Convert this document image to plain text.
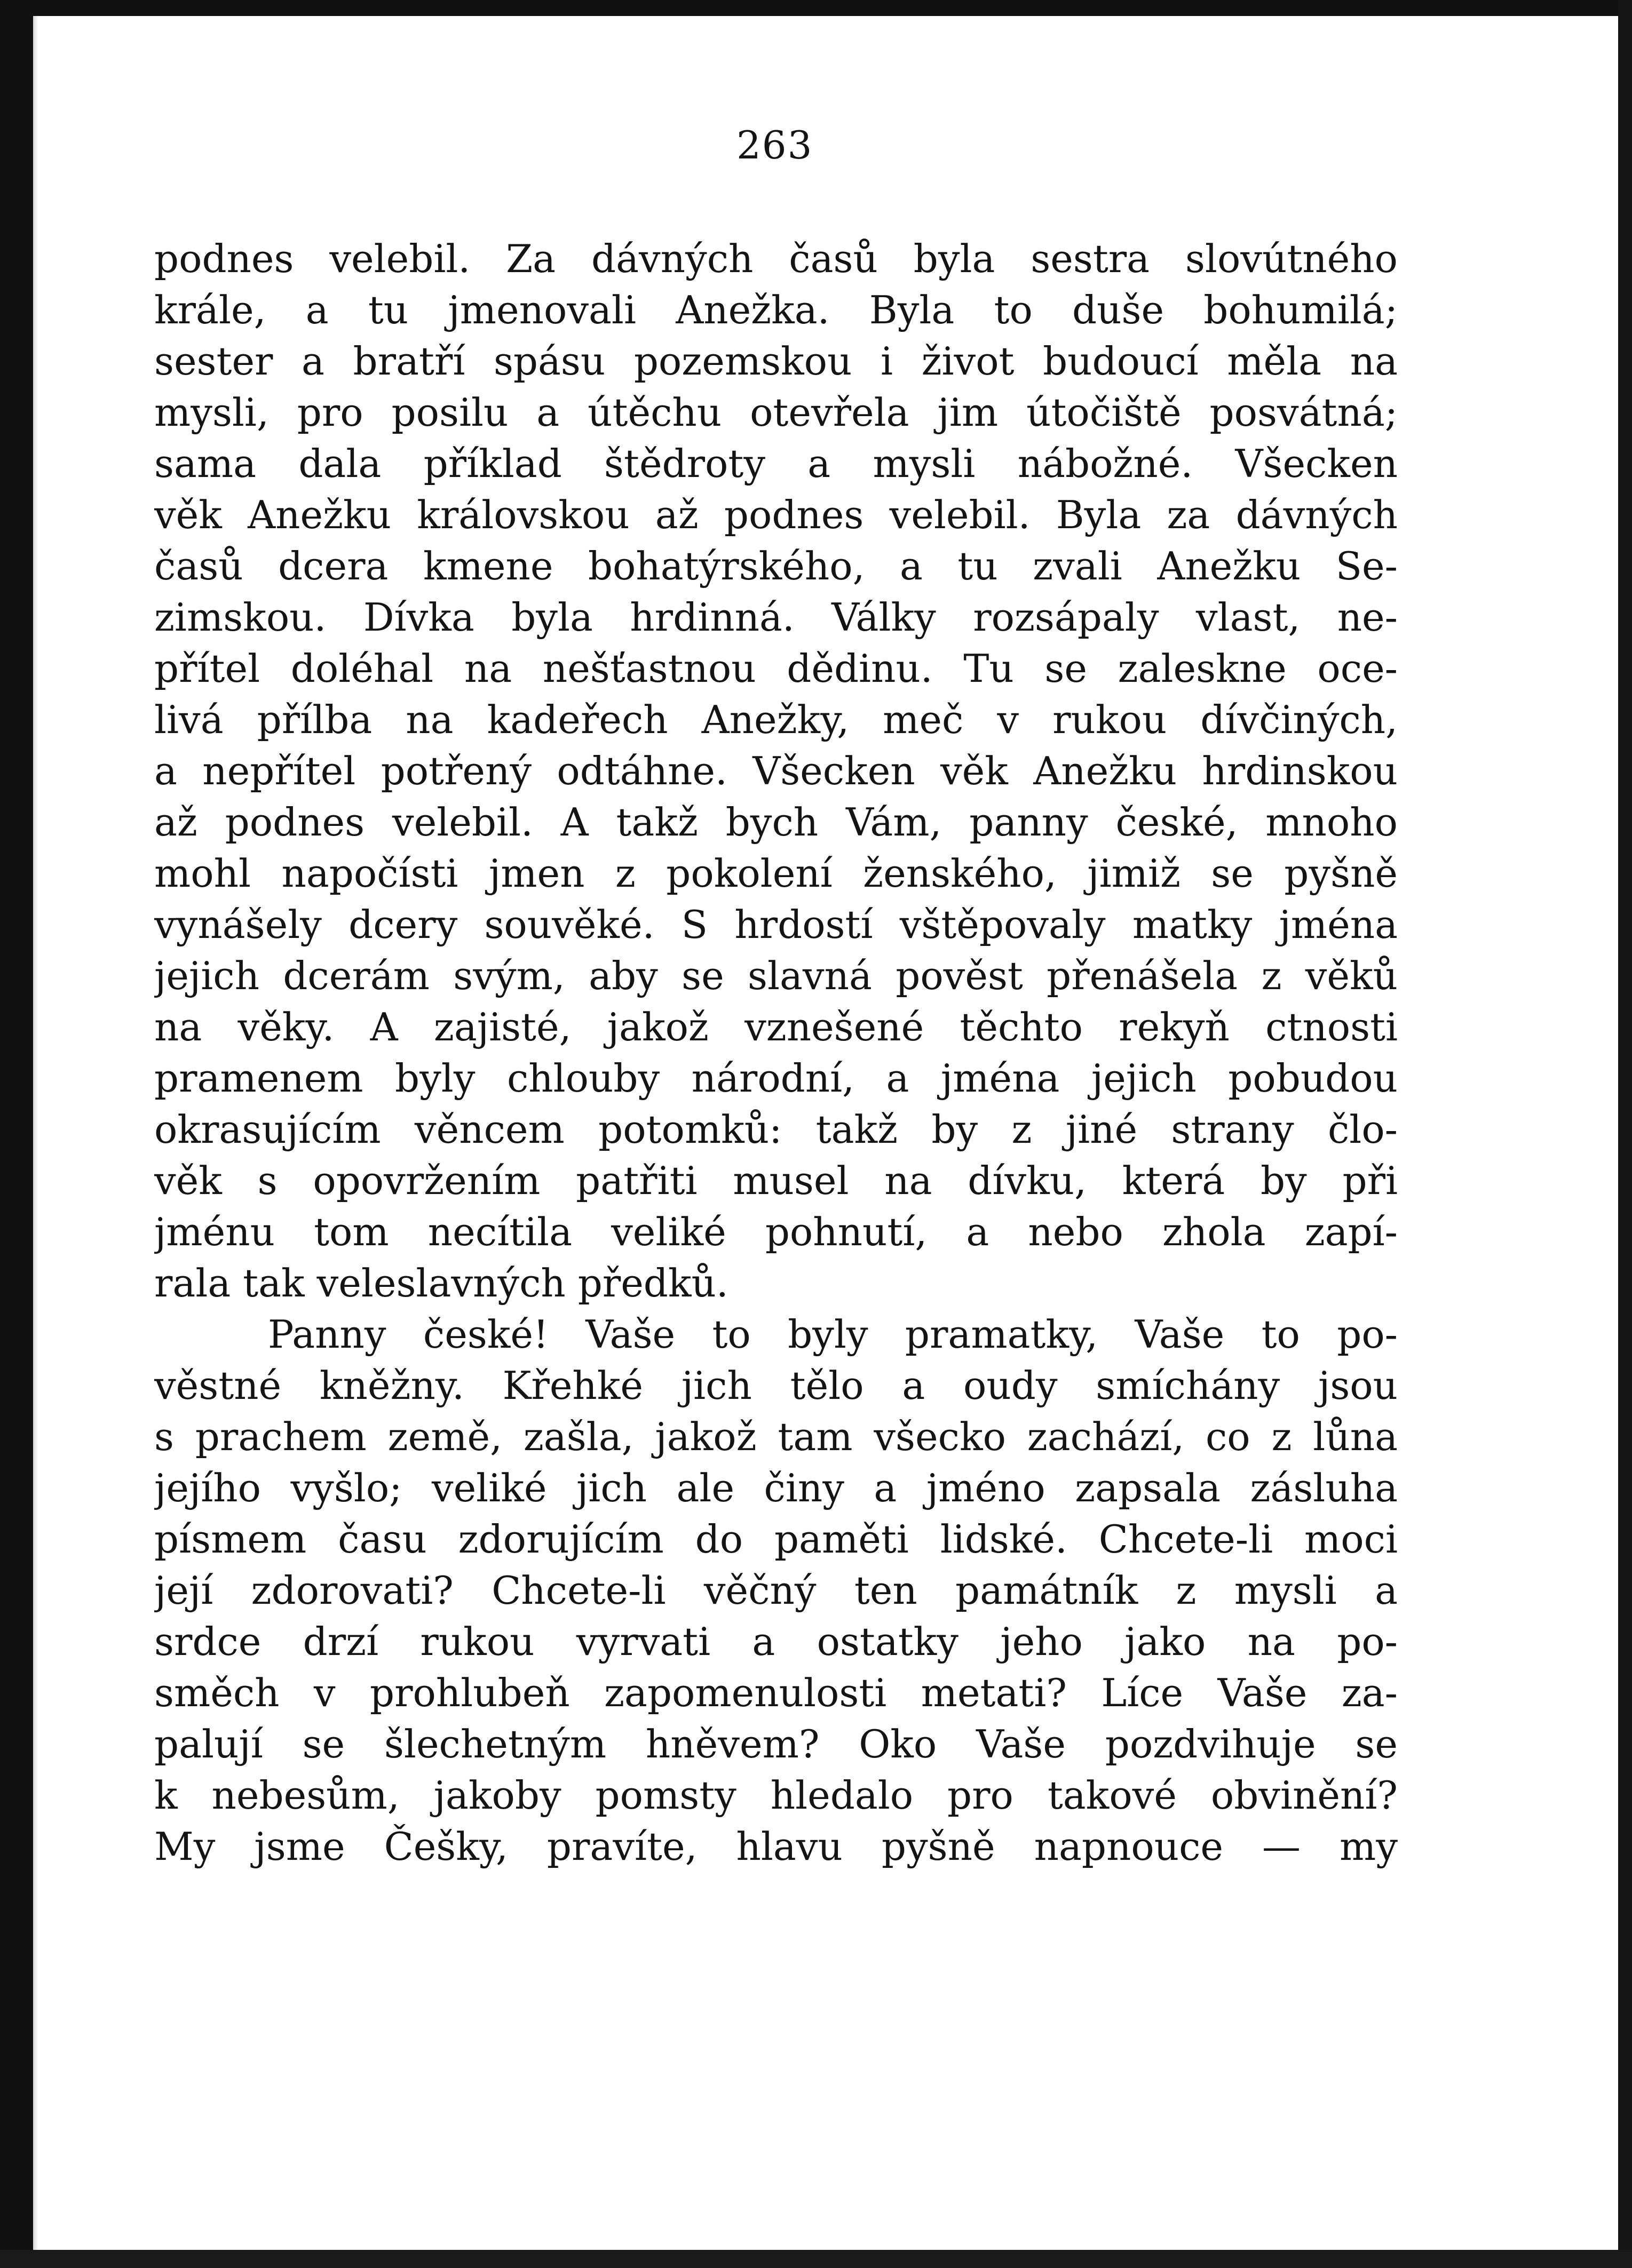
263
podnes velebil. Za dávných časů byla sestra slovútného
krále, a tu jmenovali Anežka. Byla to duše bohumilá;
sester a bratří spásu pozemskou i život budoucí měla na
mysli, pro posilu a útěchu otevřela jim útočiště posvátná;
sama dala příklad štědroty a mysli nábožné. Všecken
věk Anežku královskou až podnes velebil. Byla za dávných
časů dcera kmene bohatýrského, a tu zvali Anežku Se-
zimskou. Dívka byla hrdinná. Války rozsápaly vlast, ne-
přítel doléhal na nešťastnou dědinu. Tu se zaleskne oce-
livá přílba na kadeřech Anežky, meč v rukou dívčiných,
a nepřítel potřený odtáhne. Všecken věk Anežku hrdinskou
až podnes velebil. A takž bych Vám, panny české, mnoho
mohl napočísti jmen z pokolení ženského, jimiž se pyšně
vynášely dcery souvěké. S hrdostí vštěpovaly matky jména
jejich dcerám svým, aby se slavná pověst přenášela z věků
na věky. A zajisté, jakož vznešené těchto rekyň ctnosti
pramenem byly chlouby národní, a jména jejich pobudou
okrasujícím věncem potomků: takž by z jiné strany člo-
věk s opovržením patřiti musel na dívku, která by při
jménu tom necítila veliké pohnutí, a nebo zhola zapí-
rala tak veleslavných předků.
Panny české! Vaše to byly pramatky, Vaše to po-
věstné kněžny. Křehké jich tělo a oudy smíchány jsou
s prachem země, zašla, jakož tam všecko zachází, co z lůna
jejího vyšlo; veliké jich ale činy a jméno zapsala zásluha
písmem času zdorujícím do paměti lidské. Chcete-li moci
její zdorovati? Chcete-li věčný ten památník z mysli a
srdce drzí rukou vyrvati a ostatky jeho jako na po-
směch v prohlubeň zapomenulosti metati? Líce Vaše za-
palují se šlechetným hněvem? Oko Vaše pozdvihuje se
k nebesům, jakoby pomsty hledalo pro takové obvinění?
My jsme Češky, pravíte, hlavu pyšně napnouce — my
